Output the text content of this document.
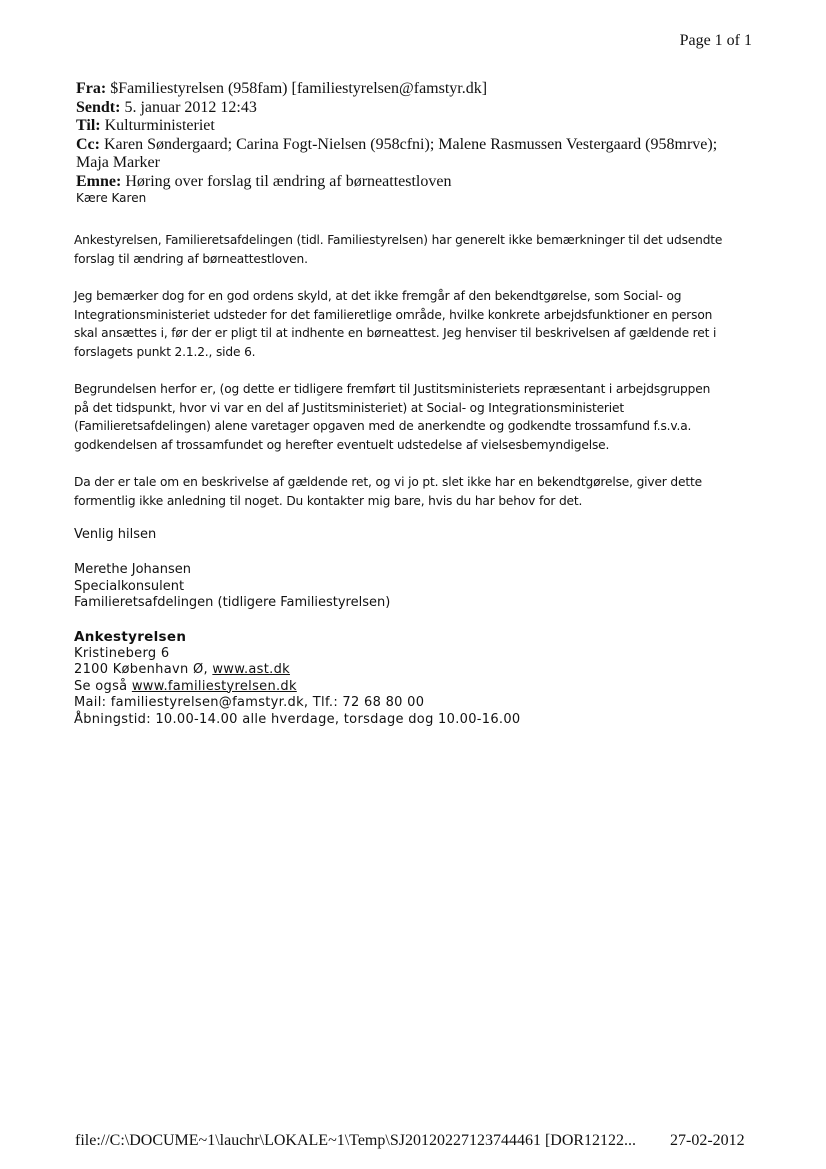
Page 1 of 1
Fra: $Familiestyrelsen (958fam) [familiestyrelsen@famstyr.dk]
Sendt: 5. januar 2012 12:43
Til: Kulturministeriet
Cc: Karen Søndergaard; Carina Fogt-Nielsen (958cfni); Malene Rasmussen Vestergaard (958mrve);
Maja Marker
Emne: Høring over forslag til ændring af børneattestloven
Kære Karen

Ankestyrelsen, Familieretsafdelingen (tidl. Familiestyrelsen) har generelt ikke bemærkninger til det udsendte

forslag til ændring af børneattestloven.

Jeg bemærker dog for en god ordens skyld, at det ikke fremgår af den bekendtgørelse, som Social- og

Integrationsministeriet udsteder for det familieretlige område, hvilke konkrete arbejdsfunktioner en person

skal ansættes i, før der er pligt til at indhente en børneattest. Jeg henviser til beskrivelsen af gældende ret i

forslagets punkt 2.1.2., side 6.

Begrundelsen herfor er, (og dette er tidligere fremført til Justitsministeriets repræsentant i arbejdsgruppen

på det tidspunkt, hvor vi var en del af Justitsministeriet) at Social- og Integrationsministeriet

(Familieretsafdelingen) alene varetager opgaven med de anerkendte og godkendte trossamfund f.s.v.a.

godkendelsen af trossamfundet og herefter eventuelt udstedelse af vielsesbemyndigelse.

Da der er tale om en beskrivelse af gældende ret, og vi jo pt. slet ikke har en bekendtgørelse, giver dette

formentlig ikke anledning til noget. Du kontakter mig bare, hvis du har behov for det.

Venlig hilsen
Merethe Johansen
Specialkonsulent
Familieretsafdelingen (tidligere Familiestyrelsen)
Ankestyrelsen
Kristineberg 6
2100 København Ø, www.ast.dk
Se også www.familiestyrelsen.dk
Mail: familiestyrelsen@famstyr.dk, Tlf.: 72 68 80 00
Åbningstid: 10.00-14.00 alle hverdage, torsdage dog 10.00-16.00
file://C:\DOCUME~1\lauchr\LOKALE~1\Temp\SJ20120227123744461 [DOR12122... 27-02-2012
